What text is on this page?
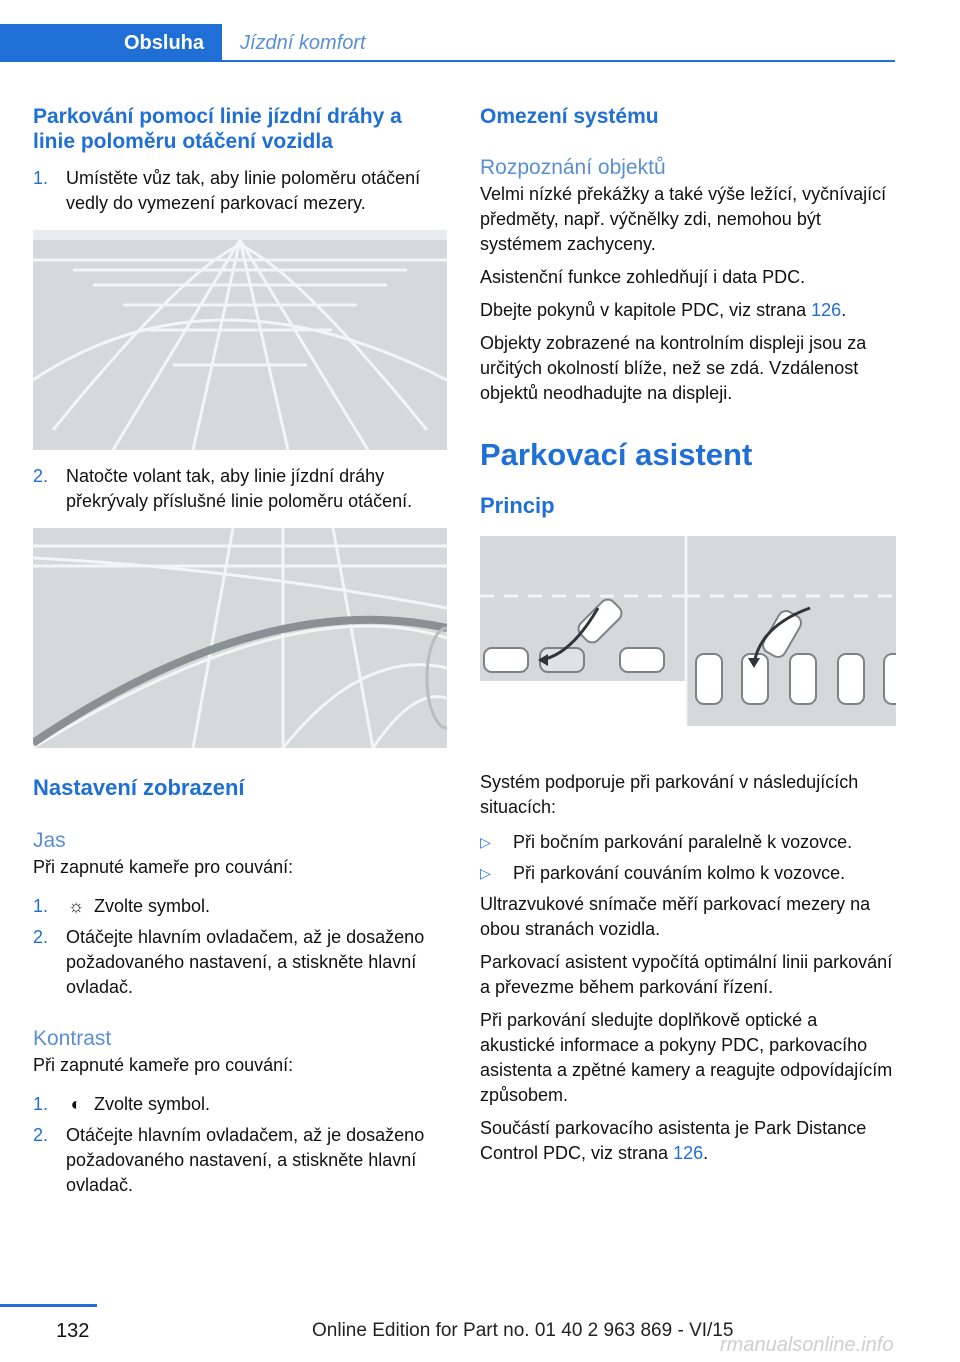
Obsluha	Jízdní komfort
Parkování pomocí linie jízdní dráhy a linie poloměru otáčení vozidla
1. Umístěte vůz tak, aby linie poloměru otáčení vedly do vymezení parkovací mezery.
2. Natočte volant tak, aby linie jízdní dráhy překrývaly příslušné linie poloměru otáčení.
Nastavení zobrazení
Jas

Při zapnuté kameře pro couvání:

1. ☼ Zvolte symbol.
2. Otáčejte hlavním ovladačem, až je dosaženo požadovaného nastavení, a stiskněte hlavní ovladač.
Kontrast

Při zapnuté kameře pro couvání:

1. ◐ Zvolte symbol.
2. Otáčejte hlavním ovladačem, až je dosaženo požadovaného nastavení, a stiskněte hlavní ovladač.
Omezení systému
Rozpoznání objektů

Velmi nízké překážky a také výše ležící, vyčnívající předměty, např. výčnělky zdi, nemohou být systémem zachyceny.

Asistenční funkce zohledňují i data PDC.

Dbejte pokynů v kapitole PDC, viz strana 126.

Objekty zobrazené na kontrolním displeji jsou za určitých okolností blíže, než se zdá. Vzdálenost objektů neodhadujte na displeji.

Parkovací asistent
Princip

Systém podporuje při parkování v následujících situacích:

▷ Při bočním parkování paralelně k vozovce.
▷ Při parkování couváním kolmo k vozovce.

Ultrazvukové snímače měří parkovací mezery na obou stranách vozidla.

Parkovací asistent vypočítá optimální linii parkování a převezme během parkování řízení.

Při parkování sledujte doplňkově optické a akustické informace a pokyny PDC, parkovacího asistenta a zpětné kamery a reagujte odpovídajícím způsobem.

Součástí parkovacího asistenta je Park Distance Control PDC, viz strana 126.

132	Online Edition for Part no. 01 40 2 963 869 - VI/15
rmanualsonline.info
